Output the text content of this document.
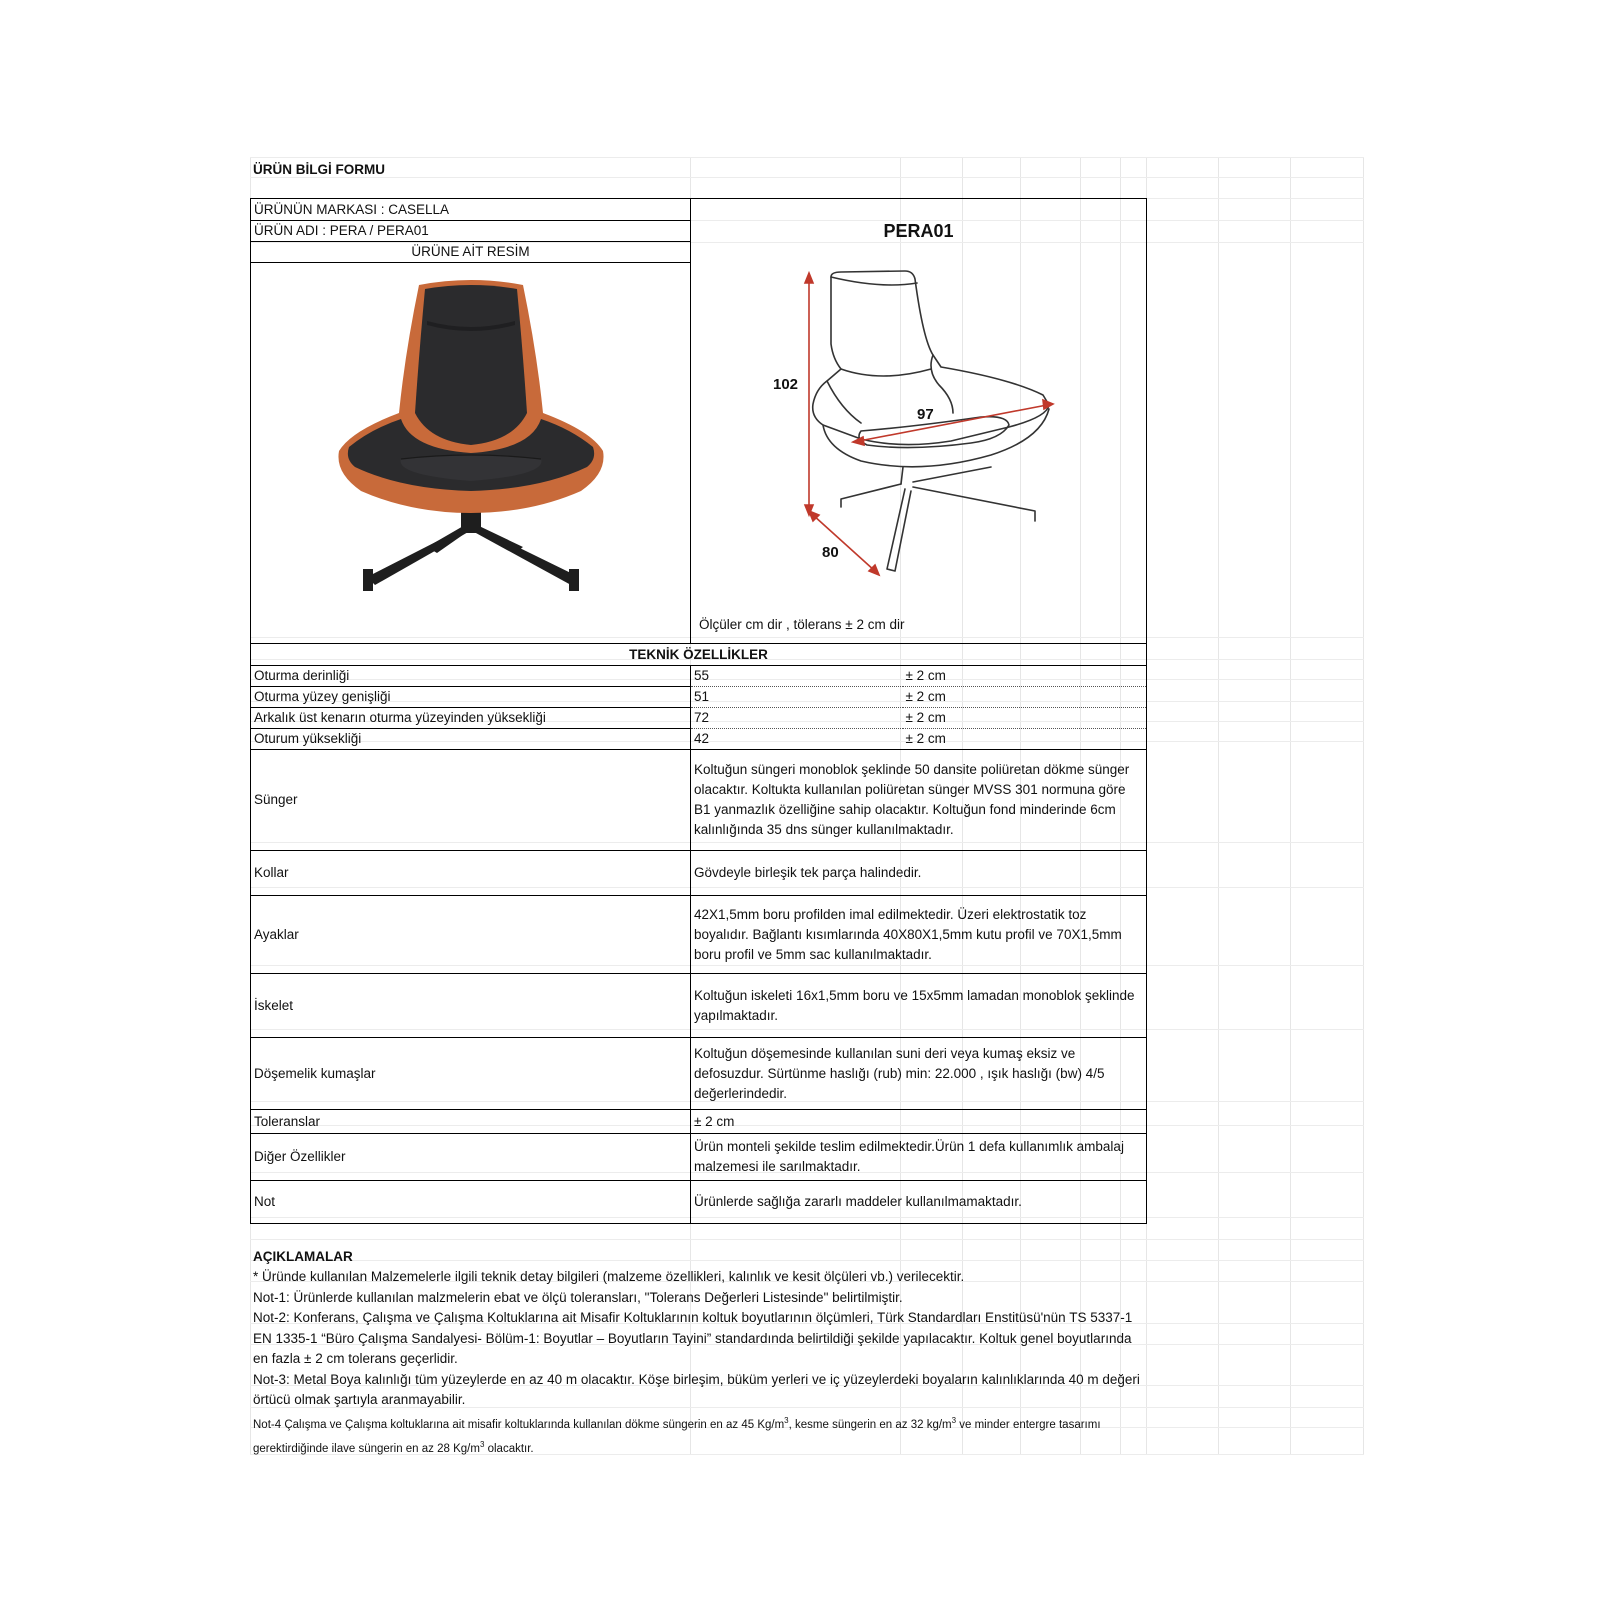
ÜRÜN BİLGİ FORMU
ÜRÜNÜN MARKASI : CASELLA	PERA01
102
97
80
Ölçüler cm dir , tölerans ± 2 cm dir	

ÜRÜN ADI : PERA / PERA01		
ÜRÜNE AİT RESİM		

TEKNİK ÖZELLİKLER		
Oturma derinliği	55	± 2 cm
Oturma yüzey genişliği	51	± 2 cm
Arkalık üst kenarın oturma yüzeyinden yüksekliği	72	± 2 cm
Oturum yüksekliği	42	± 2 cm
Sünger	Koltuğun süngeri monoblok şeklinde 50 dansite poliüretan dökme sünger olacaktır. Koltukta kullanılan poliüretan sünger MVSS 301 normuna göre B1 yanmazlık özelliğine sahip olacaktır. Koltuğun fond minderinde 6cm kalınlığında 35 dns sünger kullanılmaktadır.	
Kollar	Gövdeyle birleşik tek parça halindedir.	
Ayaklar	42X1,5mm boru profilden imal edilmektedir. Üzeri elektrostatik toz boyalıdır. Bağlantı kısımlarında 40X80X1,5mm kutu profil ve 70X1,5mm boru profil ve 5mm sac kullanılmaktadır.	
İskelet	Koltuğun iskeleti 16x1,5mm boru ve 15x5mm lamadan monoblok şeklinde yapılmaktadır.	
Döşemelik kumaşlar	Koltuğun döşemesinde kullanılan suni deri veya kumaş eksiz ve defosuzdur. Sürtünme haslığı (rub) min: 22.000 , ışık haslığı (bw) 4/5 değerlerindedir.	
Toleranslar	± 2 cm	
Diğer Özellikler	Ürün monteli şekilde teslim edilmektedir.Ürün 1 defa kullanımlık ambalaj malzemesi ile sarılmaktadır.	
Not	Ürünlerde sağlığa zararlı maddeler kullanılmamaktadır.	
AÇIKLAMALAR
* Üründe kullanılan Malzemelerle ilgili teknik detay bilgileri (malzeme özellikleri, kalınlık ve kesit ölçüleri vb.) verilecektir.
Not-1: Ürünlerde kullanılan malzmelerin ebat ve ölçü toleransları, "Tolerans Değerleri Listesinde" belirtilmiştir.
Not-2: Konferans, Çalışma ve Çalışma Koltuklarına ait Misafir Koltuklarının koltuk boyutlarının ölçümleri, Türk Standardları Enstitüsü'nün TS 5337-1 EN 1335-1 “Büro Çalışma Sandalyesi- Bölüm-1: Boyutlar – Boyutların Tayini” standardında belirtildiği şekilde yapılacaktır. Koltuk genel boyutlarında en fazla ± 2 cm tolerans geçerlidir.
Not-3: Metal Boya kalınlığı tüm yüzeylerde en az 40 m olacaktır. Köşe birleşim, büküm yerleri ve iç yüzeylerdeki boyaların kalınlıklarında 40 m değeri örtücü olmak şartıyla aranmayabilir.
Not-4 Çalışma ve Çalışma koltuklarına ait misafir koltuklarında kullanılan dökme süngerin en az 45 $Kg/m^3$, kesme süngerin en az 32 $kg/m^3$ ve minder entergre tasarımı gerektirdiğinde ilave süngerin en az 28 $Kg/m^3$ olacaktır.
